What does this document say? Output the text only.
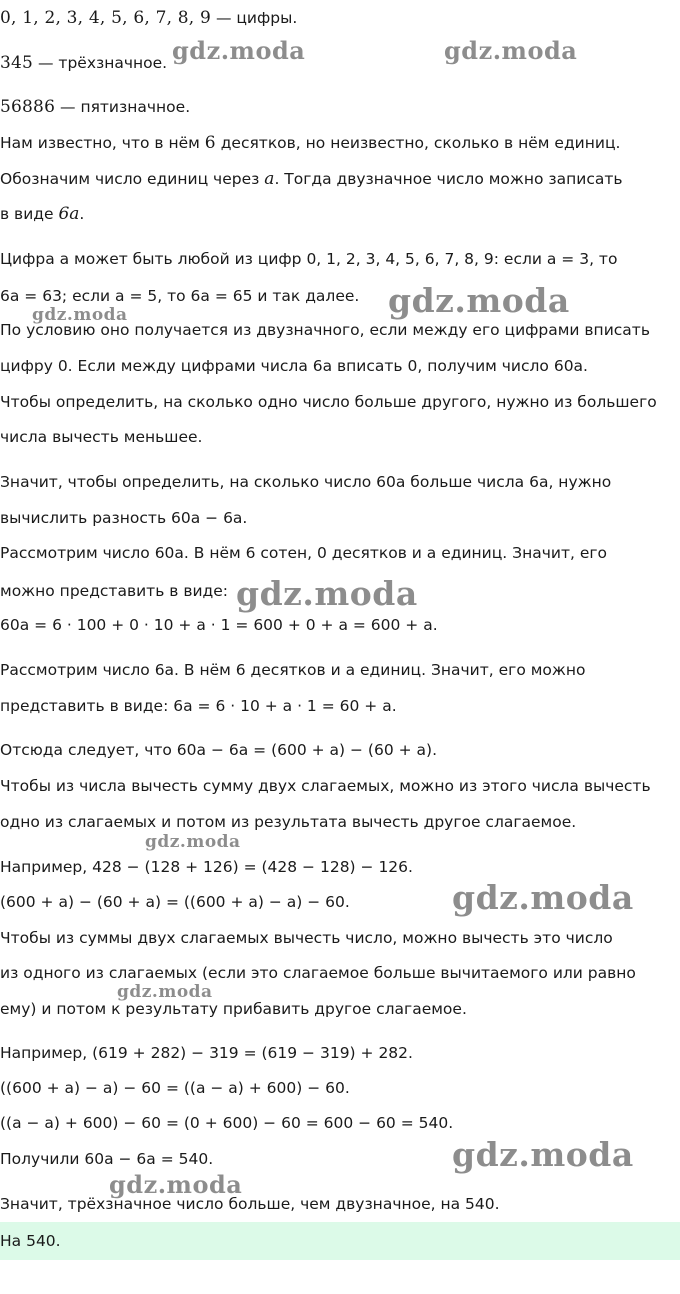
0, 1, 2, 3, 4, 5, 6, 7, 8, 9 — цифры.
345 — трёхзначное.
56886 — пятизначное.
Нам известно, что в нём 6 десятков, но неизвестно, сколько в нём единиц.
Обозначим число единиц через a. Тогда двузначное число можно записать
в виде 6a.
Цифра a может быть любой из цифр 0, 1, 2, 3, 4, 5, 6, 7, 8, 9: если a = 3, то
6a = 63; если a = 5, то 6a = 65 и так далее.
По условию оно получается из двузначного, если между его цифрами вписать
цифру 0. Если между цифрами числа 6a вписать 0, получим число 60a.
Чтобы определить, на сколько одно число больше другого, нужно из большего
числа вычесть меньшее.
Значит, чтобы определить, на сколько число 60a больше числа 6a, нужно
вычислить разность 60a − 6a.
Рассмотрим число 60a. В нём 6 сотен, 0 десятков и a единиц. Значит, его
можно представить в виде:
60a = 6 · 100 + 0 · 10 + a · 1 = 600 + 0 + a = 600 + a.
Рассмотрим число 6a. В нём 6 десятков и a единиц. Значит, его можно
представить в виде: 6a = 6 · 10 + a · 1 = 60 + a.
Отсюда следует, что 60a − 6a = (600 + a) − (60 + a).
Чтобы из числа вычесть сумму двух слагаемых, можно из этого числа вычесть
одно из слагаемых и потом из результата вычесть другое слагаемое.
Например, 428 − (128 + 126) = (428 − 128) − 126.
(600 + a) − (60 + a) = ((600 + a) − a) − 60.
Чтобы из суммы двух слагаемых вычесть число, можно вычесть это число
из одного из слагаемых (если это слагаемое больше вычитаемого или равно
ему) и потом к результату прибавить другое слагаемое.
Например, (619 + 282) − 319 = (619 − 319) + 282.
((600 + a) − a) − 60 = ((a − a) + 600) − 60.
((a − a) + 600) − 60 = (0 + 600) − 60 = 600 − 60 = 540.
Получили 60a − 6a = 540.
Значит, трёхзначное число больше, чем двузначное, на 540.
На 540.
gdz.moda	gdz.moda
gdz.moda
gdz.moda
gdz.moda
gdz.moda
gdz.moda
gdz.moda
gdz.moda
gdz.moda
